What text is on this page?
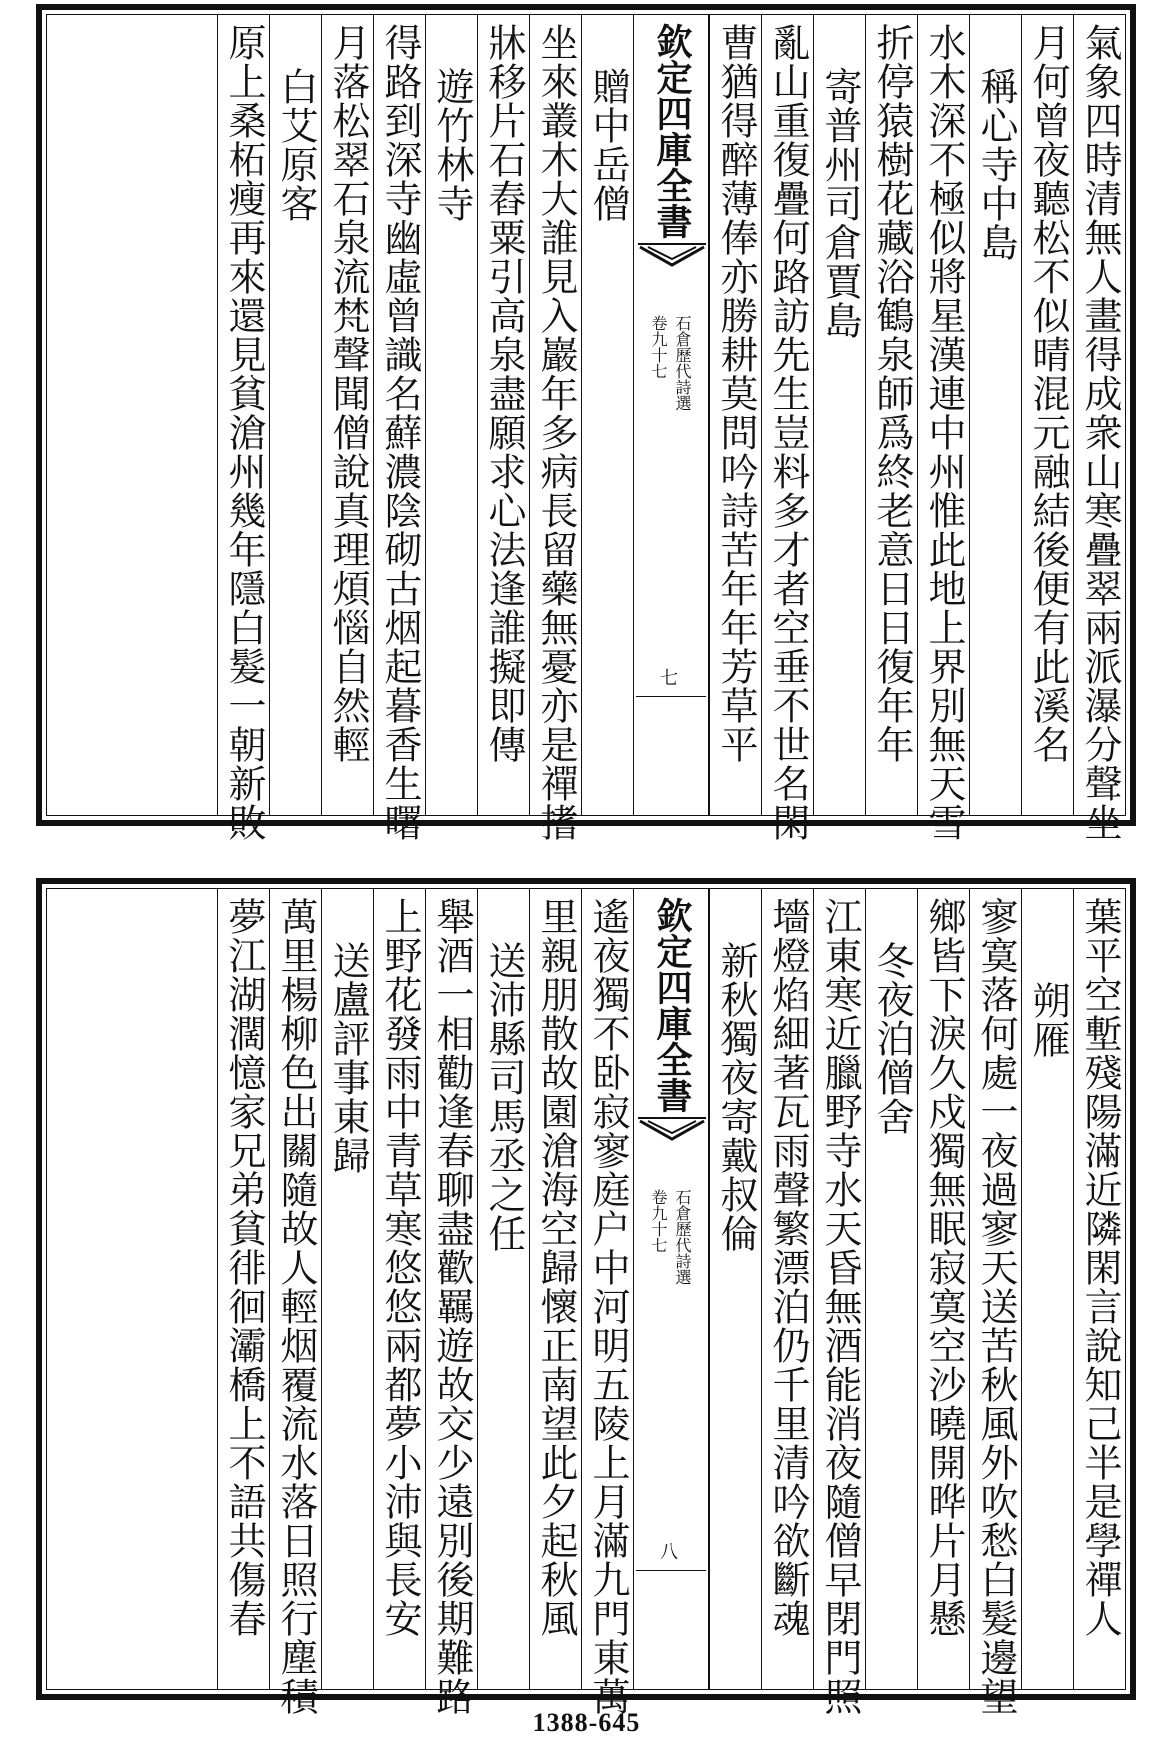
氣象四時清無人畫得成衆山寒疊翠兩派瀑分聲坐
月何曾夜聽松不似晴混元融結後便有此溪名
稱心寺中島
水木深不極似將星漢連中州惟此地上界別無天雪
折停猿樹花藏浴鶴泉師爲終老意日日復年年
寄普州司倉賈島
亂山重復疊何路訪先生豈料多才者空垂不世名閑
曹猶得醉薄俸亦勝耕莫問吟詩苦年年芳草平
欽定四庫全書
石倉歷代詩選
卷九十七
七
贈中岳僧
坐來叢木大誰見入巖年多病長留藥無憂亦是禪搘
牀移片石舂粟引高泉盡願求心法逢誰擬即傳
遊竹林寺
得路到深寺幽虛曾識名蘚濃陰砌古烟起暮香生曙
月落松翠石泉流梵聲聞僧說真理煩惱自然輕
白艾原客
原上桑柘瘦再來還見貧滄州幾年隱白髮一朝新敗
葉平空塹殘陽滿近隣閑言說知己半是學禪人
朔雁
寥寞落何處一夜過寥天送苦秋風外吹愁白髮邊望
鄉皆下淚久戍獨無眠寂寞空沙曉開晔片月懸
冬夜泊僧舍
江東寒近臘野寺水天昏無酒能消夜隨僧早閉門照
墻燈焰細著瓦雨聲繁漂泊仍千里清吟欲斷魂
新秋獨夜寄戴叔倫
欽定四庫全書
石倉歷代詩選
卷九十七
八
遙夜獨不卧寂寥庭户中河明五陵上月滿九門東萬
里親朋散故園滄海空歸懷正南望此夕起秋風
送沛縣司馬丞之任
舉酒一相勸逢春聊盡歡羈遊故交少遠別後期難路
上野花發雨中青草寒悠悠兩都夢小沛與長安
送盧評事東歸
萬里楊柳色出關隨故人輕烟覆流水落日照行塵積
夢江湖濶憶家兄弟貧徘徊灞橋上不語共傷春
1388-645
